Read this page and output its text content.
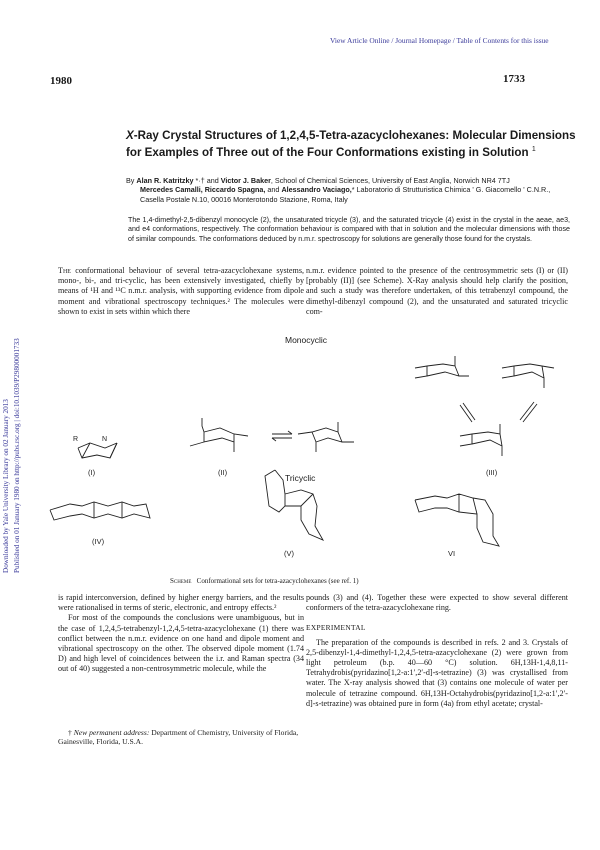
View Article Online / Journal Homepage / Table of Contents for this issue
1980	1733
Downloaded by Yale University Library on 02 January 2013 Published on 01 January 1980 on http://pubs.rsc.org | doi:10.1039/P29800001733
X-Ray Crystal Structures of 1,2,4,5-Tetra-azacyclohexanes: Molecular Dimensions for Examples of Three out of the Four Conformations existing in Solution $^1$
By Alan R. Katritzky *·† and Victor J. Baker, School of Chemical Sciences, University of East Anglia, Norwich NR4 7TJ
Mercedes Camalli, Riccardo Spagna, and Alessandro Vaciago,* Laboratorio di Strutturistica Chimica ' G. Giacomello ' C.N.R., Casella Postale N.10, 00016 Monterotondo Stazione, Roma, Italy
The 1,4-dimethyl-2,5-dibenzyl monocycle (2), the unsaturated tricycle (3), and the saturated tricycle (4) exist in the crystal in the aeae, ae3, and e4 conformations, respectively. The conformation behaviour is compared with that in solution and the molecular dimensions with those of similar compounds. The conformations deduced by n.m.r. spectroscopy for solutions are generally those found for the crystals.

The conformational behaviour of several tetra-azacyclohexane systems, mono-, bi-, and tri-cyclic, has been extensively investigated, chiefly by means of ¹H and ¹³C n.m.r. analysis, with supporting evidence from dipole moment and vibrational spectroscopy techniques.² The molecules were shown to exist in sets within which there

n.m.r. evidence pointed to the presence of the centrosymmetric sets (I) or (II) [probably (II)] (see Scheme). X-Ray analysis should help clarify the position, and such a study was therefore undertaken, of this tetrabenzyl compound, the dimethyl-dibenzyl compound (2), and the unsaturated and saturated tricyclic com-

Monocyclic
Tricyclic
R	N
(I)	(II)	(III)
(IV)
(V)	VI
Scheme Conformational sets for tetra-azacyclohexanes (see ref. 1)

is rapid interconversion, defined by higher energy barriers, and the results were rationalised in terms of steric, electronic, and entropy effects.²

For most of the compounds the conclusions were unambiguous, but in the case of 1,2,4,5-tetrabenzyl-1,2,4,5-tetra-azacyclohexane (1) there was conflict between the n.m.r. evidence on one hand and dipole moment and vibrational spectroscopy on the other. The observed dipole moment (1.74 D) and high level of coincidences between the i.r. and Raman spectra (34 out of 40) suggested a non-centrosymmetric molecule, while the

pounds (3) and (4). Together these were expected to show several different conformers of the tetra-azacyclohexane ring.

EXPERIMENTAL

The preparation of the compounds is described in refs. 2 and 3. Crystals of 2,5-dibenzyl-1,4-dimethyl-1,2,4,5-tetra-azacyclohexane (2) were grown from light petroleum (b.p. 40—60 °C) solution. 6H,13H-1,4,8,11-Tetrahydrobis(pyridazino[1,2-a:1′,2′-d]-s-tetrazine) (3) was crystallised from water. The X-ray analysis showed that (3) contains one molecule of water per molecule of tetrazine compound. 6H,13H-Octahydrobis(pyridazino[1,2-a:1′,2′-d]-s-tetrazine) was obtained pure in form (4a) from ethyl acetate; crystal-

† New permanent address: Department of Chemistry, University of Florida, Gainesville, Florida, U.S.A.
